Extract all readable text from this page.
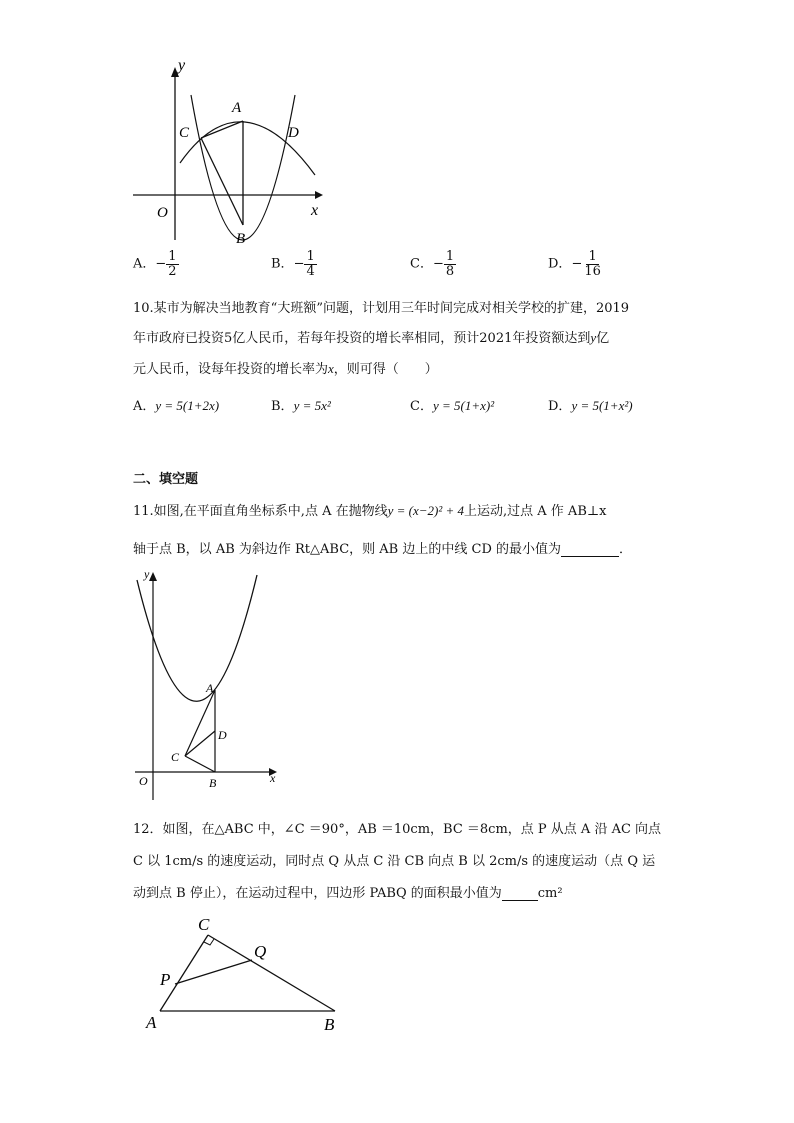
y
x
O
A
B
C	D
A．− $\frac{1}{2}$	B．− $\frac{1}{4}$	C．− $\frac{1}{8}$	D．− $\frac{1}{16}$
10.某市为解决当地教育“大班额”问题，计划用三年时间完成对相关学校的扩建，2019
年市政府已投资5亿人民币，若每年投资的增长率相同，预计2021年投资额达到y亿
元人民币，设每年投资的增长率为x，则可得（　　）
A．y = 5(1+2x)	B．y = 5x²	C．y = 5(1+x)²	D．y = 5(1+x²)
二、填空题
11.如图,在平面直角坐标系中,点 A 在抛物线y = (x−2)² + 4上运动,过点 A 作 AB⊥x
轴于点 B，以 AB 为斜边作 Rt△ABC，则 AB 边上的中线 CD 的最小值为	．
y
x
O
A
B
C
D
12．如图，在△ABC 中，∠C ＝90°，AB ＝10cm，BC ＝8cm，点 P 从点 A 沿 AC 向点
C 以 1cm/s 的速度运动，同时点 Q 从点 C 沿 CB 向点 B 以 2cm/s 的速度运动（点 Q 运
动到点 B 停止），在运动过程中，四边形 PABQ 的面积最小值为	cm²
C
Q
P
A	B
